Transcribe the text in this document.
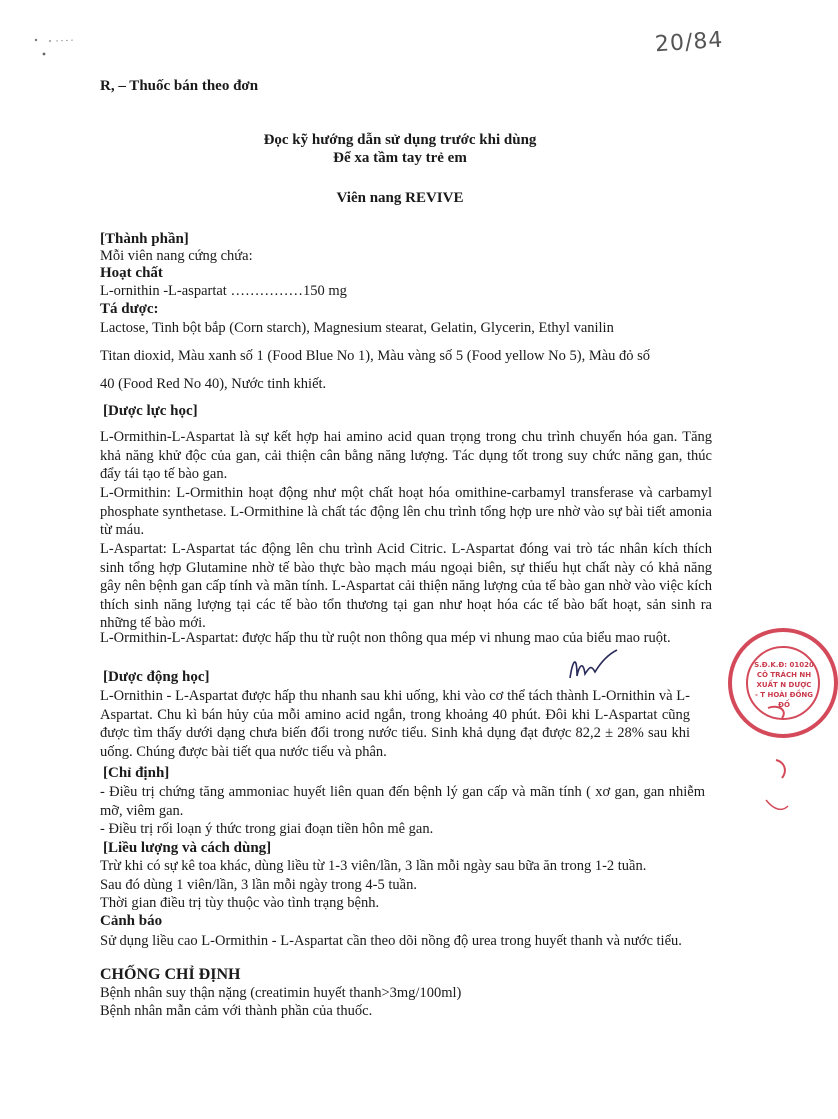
20/84

R, – Thuốc bán theo đơn

Đọc kỹ hướng dẫn sử dụng trước khi dùng

Để xa tầm tay trẻ em

Viên nang REVIVE

[Thành phần]

Mỗi viên nang cứng chứa:

Hoạt chất

L-ornithin -L-aspartat ……………150 mg

Tá dược:

Lactose, Tinh bột bắp (Corn starch), Magnesium stearat, Gelatin, Glycerin, Ethyl vanilin

Titan dioxid, Màu xanh số 1 (Food Blue No 1), Màu vàng số 5 (Food yellow No 5), Màu đỏ số

40 (Food Red No 40), Nước tinh khiết.

[Dược lực học]

L-Ormithin-L-Aspartat là sự kết hợp hai amino acid quan trọng trong chu trình chuyển hóa gan. Tăng khả năng khử độc của gan, cải thiện cân bằng năng lượng. Tác dụng tốt trong suy chức năng gan, thúc đẩy tái tạo tế bào gan.

L-Ormithin: L-Ormithin hoạt động như một chất hoạt hóa omithine-carbamyl transferase và carbamyl phosphate synthetase. L-Ormithine là chất tác động lên chu trình tổng hợp ure nhờ vào sự bài tiết amonia từ máu.

L-Aspartat: L-Aspartat tác động lên chu trình Acid Citric. L-Aspartat đóng vai trò tác nhân kích thích sinh tổng hợp Glutamine nhờ tế bào thực bào mạch máu ngoại biên, sự thiếu hụt chất này có khả năng gây nên bệnh gan cấp tính và mãn tính. L-Aspartat cải thiện năng lượng của tế bào gan nhờ vào việc kích thích sinh năng lượng tại các tế bào tổn thương tại gan như hoạt hóa các tế bào bất hoạt, sản sinh ra những tế bào mới.

L-Ormithin-L-Aspartat: được hấp thu từ ruột non thông qua mép vi nhung mao của biểu mao ruột.

[Dược động học]

L-Ornithin - L-Aspartat được hấp thu nhanh sau khi uống, khi vào cơ thể tách thành L-Ornithin và L-Aspartat. Chu kì bán hủy của mỗi amino acid ngắn, trong khoảng 40 phút. Đôi khi L-Aspartat cũng được tìm thấy dưới dạng chưa biến đổi trong nước tiểu. Sinh khả dụng đạt được 82,2 ± 28% sau khi uống. Chúng được bài tiết qua nước tiểu và phân.

[Chỉ định]

- Điều trị chứng tăng ammoniac huyết liên quan đến bệnh lý gan cấp và mãn tính ( xơ gan, gan nhiễm mỡ, viêm gan.

- Điều trị rối loạn ý thức trong giai đoạn tiền hôn mê gan.

[Liều lượng và cách dùng]

Trừ khi có sự kê toa khác, dùng liều từ 1-3 viên/lần, 3 lần mỗi ngày sau bữa ăn trong 1-2 tuần.

Sau đó dùng 1 viên/lần, 3 lần mỗi ngày trong 4-5 tuần.

Thời gian điều trị tùy thuộc vào tình trạng bệnh.

Cảnh báo

Sử dụng liều cao L-Ormithin - L-Aspartat cần theo dõi nồng độ urea trong huyết thanh và nước tiểu.

CHỐNG CHỈ ĐỊNH

Bệnh nhân suy thận nặng (creatimin huyết thanh>3mg/100ml)

Bệnh nhân mẫn cảm với thành phần của thuốc.

S.Đ.K.Đ: 01020 CÔ TRÁCH NH XUẤT N DƯỢC - T HOÀI ĐỒNG ĐỐ
